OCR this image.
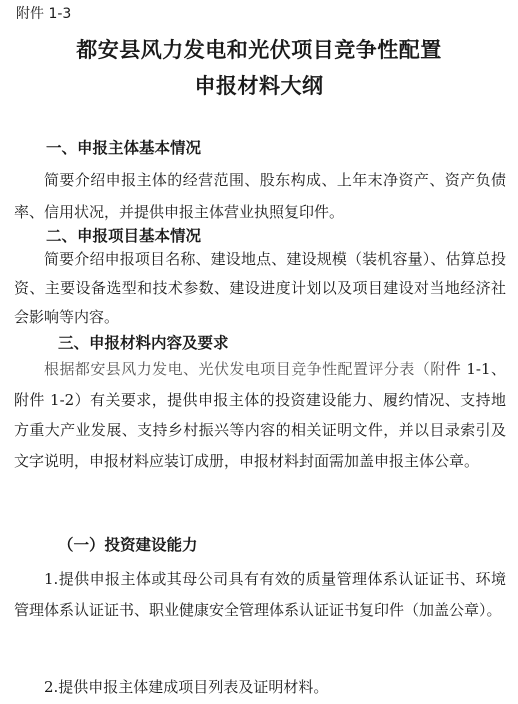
附件 1-3
都安县风力发电和光伏项目竞争性配置
申报材料大纲
一、申报主体基本情况
简要介绍申报主体的经营范围、股东构成、上年末净资产、资产负债率、信用状况，并提供申报主体营业执照复印件。
二、申报项目基本情况
简要介绍申报项目名称、建设地点、建设规模（装机容量）、估算总投资、主要设备选型和技术参数、建设进度计划以及项目建设对当地经济社会影响等内容。
三、申报材料内容及要求
根据都安县风力发电、光伏发电项目竞争性配置评分表（附件 1-1、附件 1-2）有关要求，提供申报主体的投资建设能力、履约情况、支持地方重大产业发展、支持乡村振兴等内容的相关证明文件，并以目录索引及文字说明，申报材料应装订成册，申报材料封面需加盖申报主体公章。
（一）投资建设能力
1.提供申报主体或其母公司具有有效的质量管理体系认证证书、环境管理体系认证证书、职业健康安全管理体系认证证书复印件（加盖公章）。
2.提供申报主体建成项目列表及证明材料。
